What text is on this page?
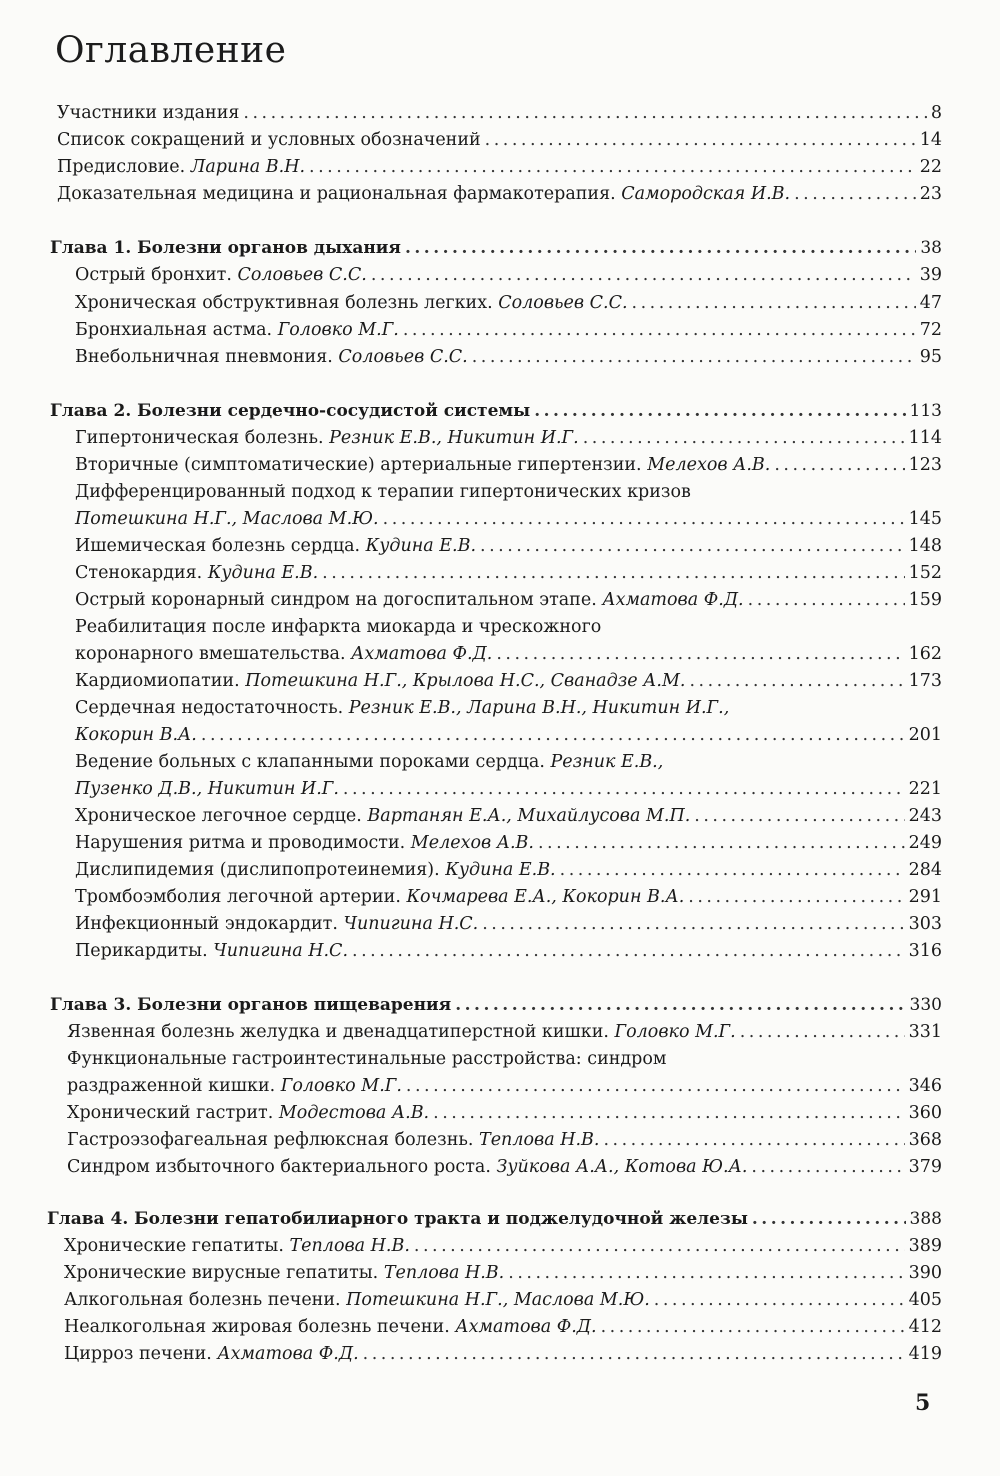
Оглавление
Участники издания .....	8
Список сокращений и условных обозначений .....	14
Предисловие. Ларина В.Н. .....	22
Доказательная медицина и рациональная фармакотерапия. Самородская И.В. .....	23
Глава 1. Болезни органов дыхания .....	38
Острый бронхит. Соловьев С.С. .....	39
Хроническая обструктивная болезнь легких. Соловьев С.С. .....	47
Бронхиальная астма. Головко М.Г. .....	72
Внебольничная пневмония. Соловьев С.С. .....	95
Глава 2. Болезни сердечно-сосудистой системы .....	113
Гипертоническая болезнь. Резник Е.В., Никитин И.Г. .....	114
Вторичные (симптоматические) артериальные гипертензии. Мелехов А.В. .....	123
Дифференцированный подход к терапии гипертонических кризов
Потешкина Н.Г., Маслова М.Ю. .....	145
Ишемическая болезнь сердца. Кудина Е.В. .....	148
Стенокардия. Кудина Е.В. .....	152
Острый коронарный синдром на догоспитальном этапе. Ахматова Ф.Д. .....	159
Реабилитация после инфаркта миокарда и чрескожного
коронарного вмешательства. Ахматова Ф.Д. .....	162
Кардиомиопатии. Потешкина Н.Г., Крылова Н.С., Сванадзе А.М. .....	173
Сердечная недостаточность. Резник Е.В., Ларина В.Н., Никитин И.Г.,
Кокорин В.А. .....	201
Ведение больных с клапанными пороками сердца. Резник Е.В.,
Пузенко Д.В., Никитин И.Г. .....	221
Хроническое легочное сердце. Вартанян Е.А., Михайлусова М.П. .....	243
Нарушения ритма и проводимости. Мелехов А.В. .....	249
Дислипидемия (дислипопротеинемия). Кудина Е.В. .....	284
Тромбоэмболия легочной артерии. Кочмарева Е.А., Кокорин В.А. .....	291
Инфекционный эндокардит. Чипигина Н.С. .....	303
Перикардиты. Чипигина Н.С. .....	316
Глава 3. Болезни органов пищеварения .....	330
Язвенная болезнь желудка и двенадцатиперстной кишки. Головко М.Г. .....	331
Функциональные гастроинтестинальные расстройства: синдром
раздраженной кишки. Головко М.Г. .....	346
Хронический гастрит. Модестова А.В. .....	360
Гастроэзофагеальная рефлюксная болезнь. Теплова Н.В. .....	368
Синдром избыточного бактериального роста. Зуйкова А.А., Котова Ю.А. .....	379
Глава 4. Болезни гепатобилиарного тракта и поджелудочной железы .....	388
Хронические гепатиты. Теплова Н.В. .....	389
Хронические вирусные гепатиты. Теплова Н.В. .....	390
Алкогольная болезнь печени. Потешкина Н.Г., Маслова М.Ю. .....	405
Неалкогольная жировая болезнь печени. Ахматова Ф.Д. .....	412
Цирроз печени. Ахматова Ф.Д. .....	419
5
